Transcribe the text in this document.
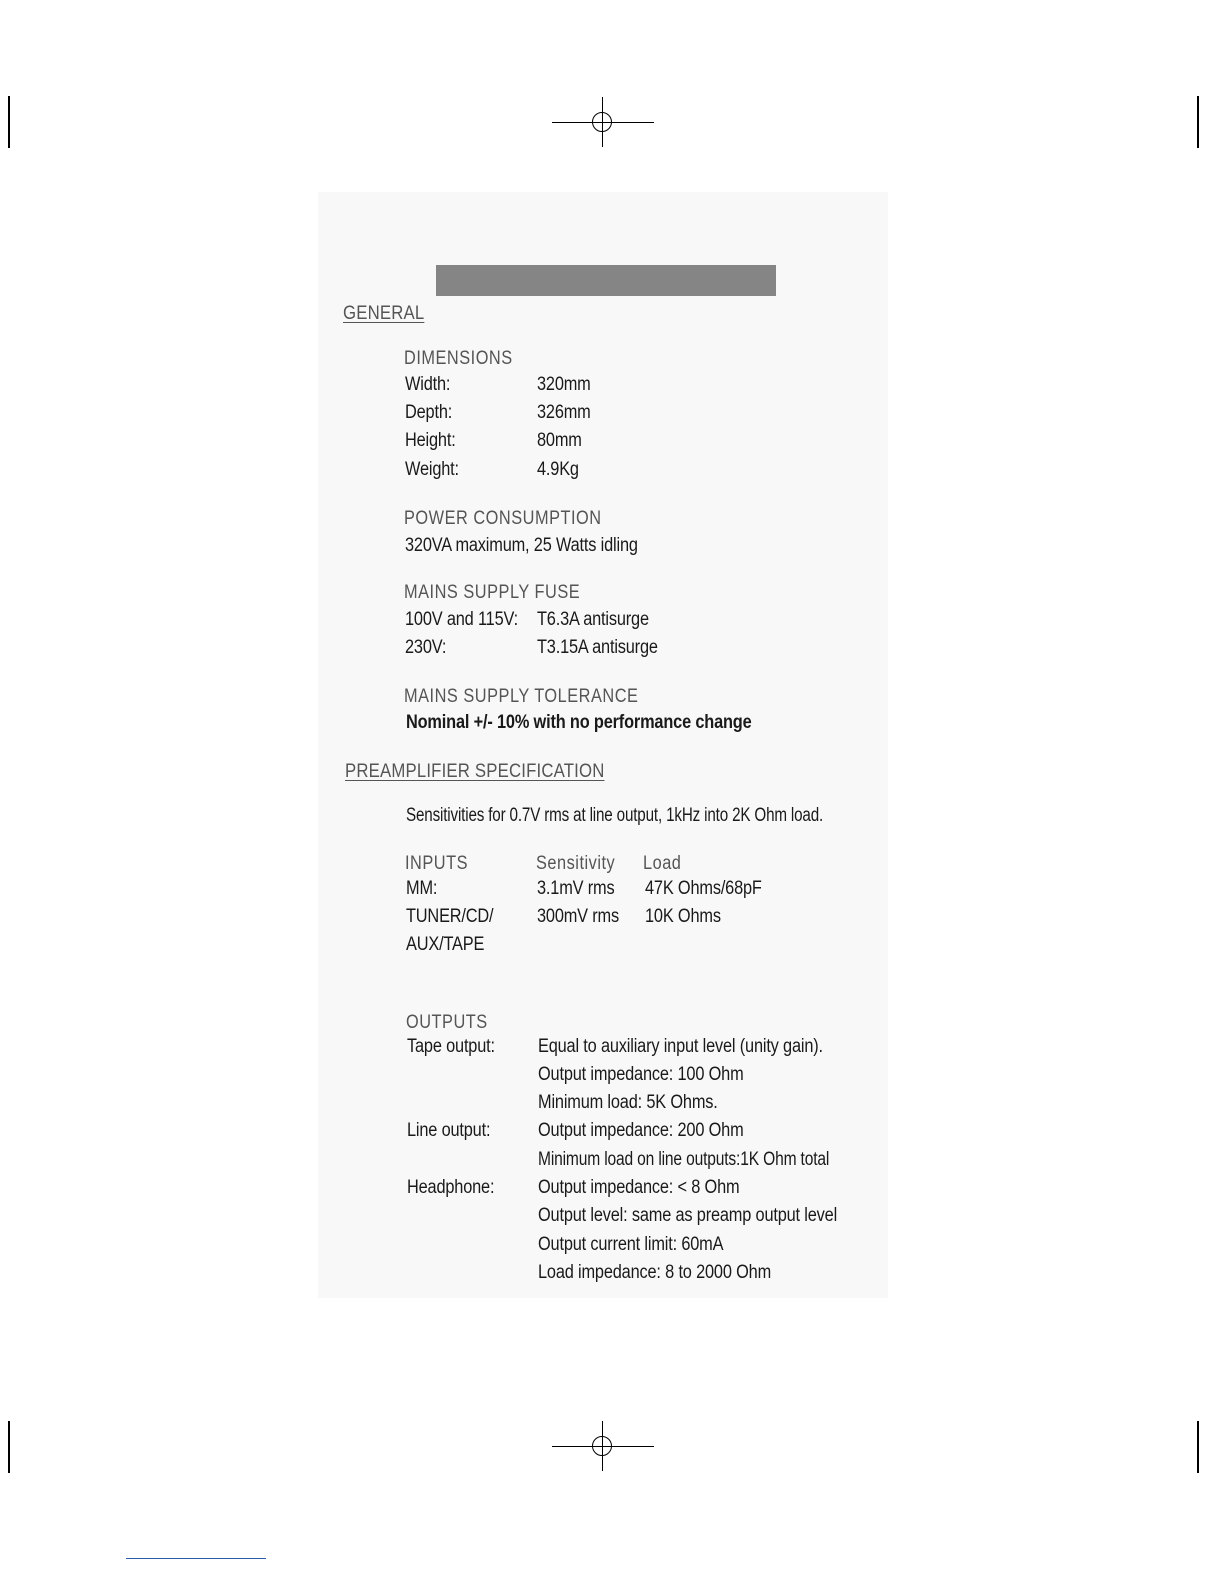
GENERAL
DIMENSIONS
Width:	320mm
Depth:	326mm
Height:	80mm
Weight:	4.9Kg
POWER CONSUMPTION
320VA maximum, 25 Watts idling
MAINS SUPPLY FUSE
100V and 115V: T6.3A antisurge
230V:	T3.15A antisurge
MAINS SUPPLY TOLERANCE
Nominal +/- 10% with no performance change
PREAMPLIFIER SPECIFICATION
Sensitivities for 0.7V rms at line output, 1kHz into 2K Ohm load.
INPUTS	Sensitivity Load
MM:	3.1mV rms 47K Ohms/68pF
TUNER/CD/ 300mV rms 10K Ohms
AUX/TAPE
OUTPUTS
Tape output: Equal to auxiliary input level (unity gain).
Output impedance: 100 Ohm
Minimum load: 5K Ohms.
Line output:	Output impedance: 200 Ohm
Minimum load on line outputs:1K Ohm total
Headphone: Output impedance: < 8 Ohm
Output level: same as preamp output level
Output current limit: 60mA
Load impedance: 8 to 2000 Ohm
